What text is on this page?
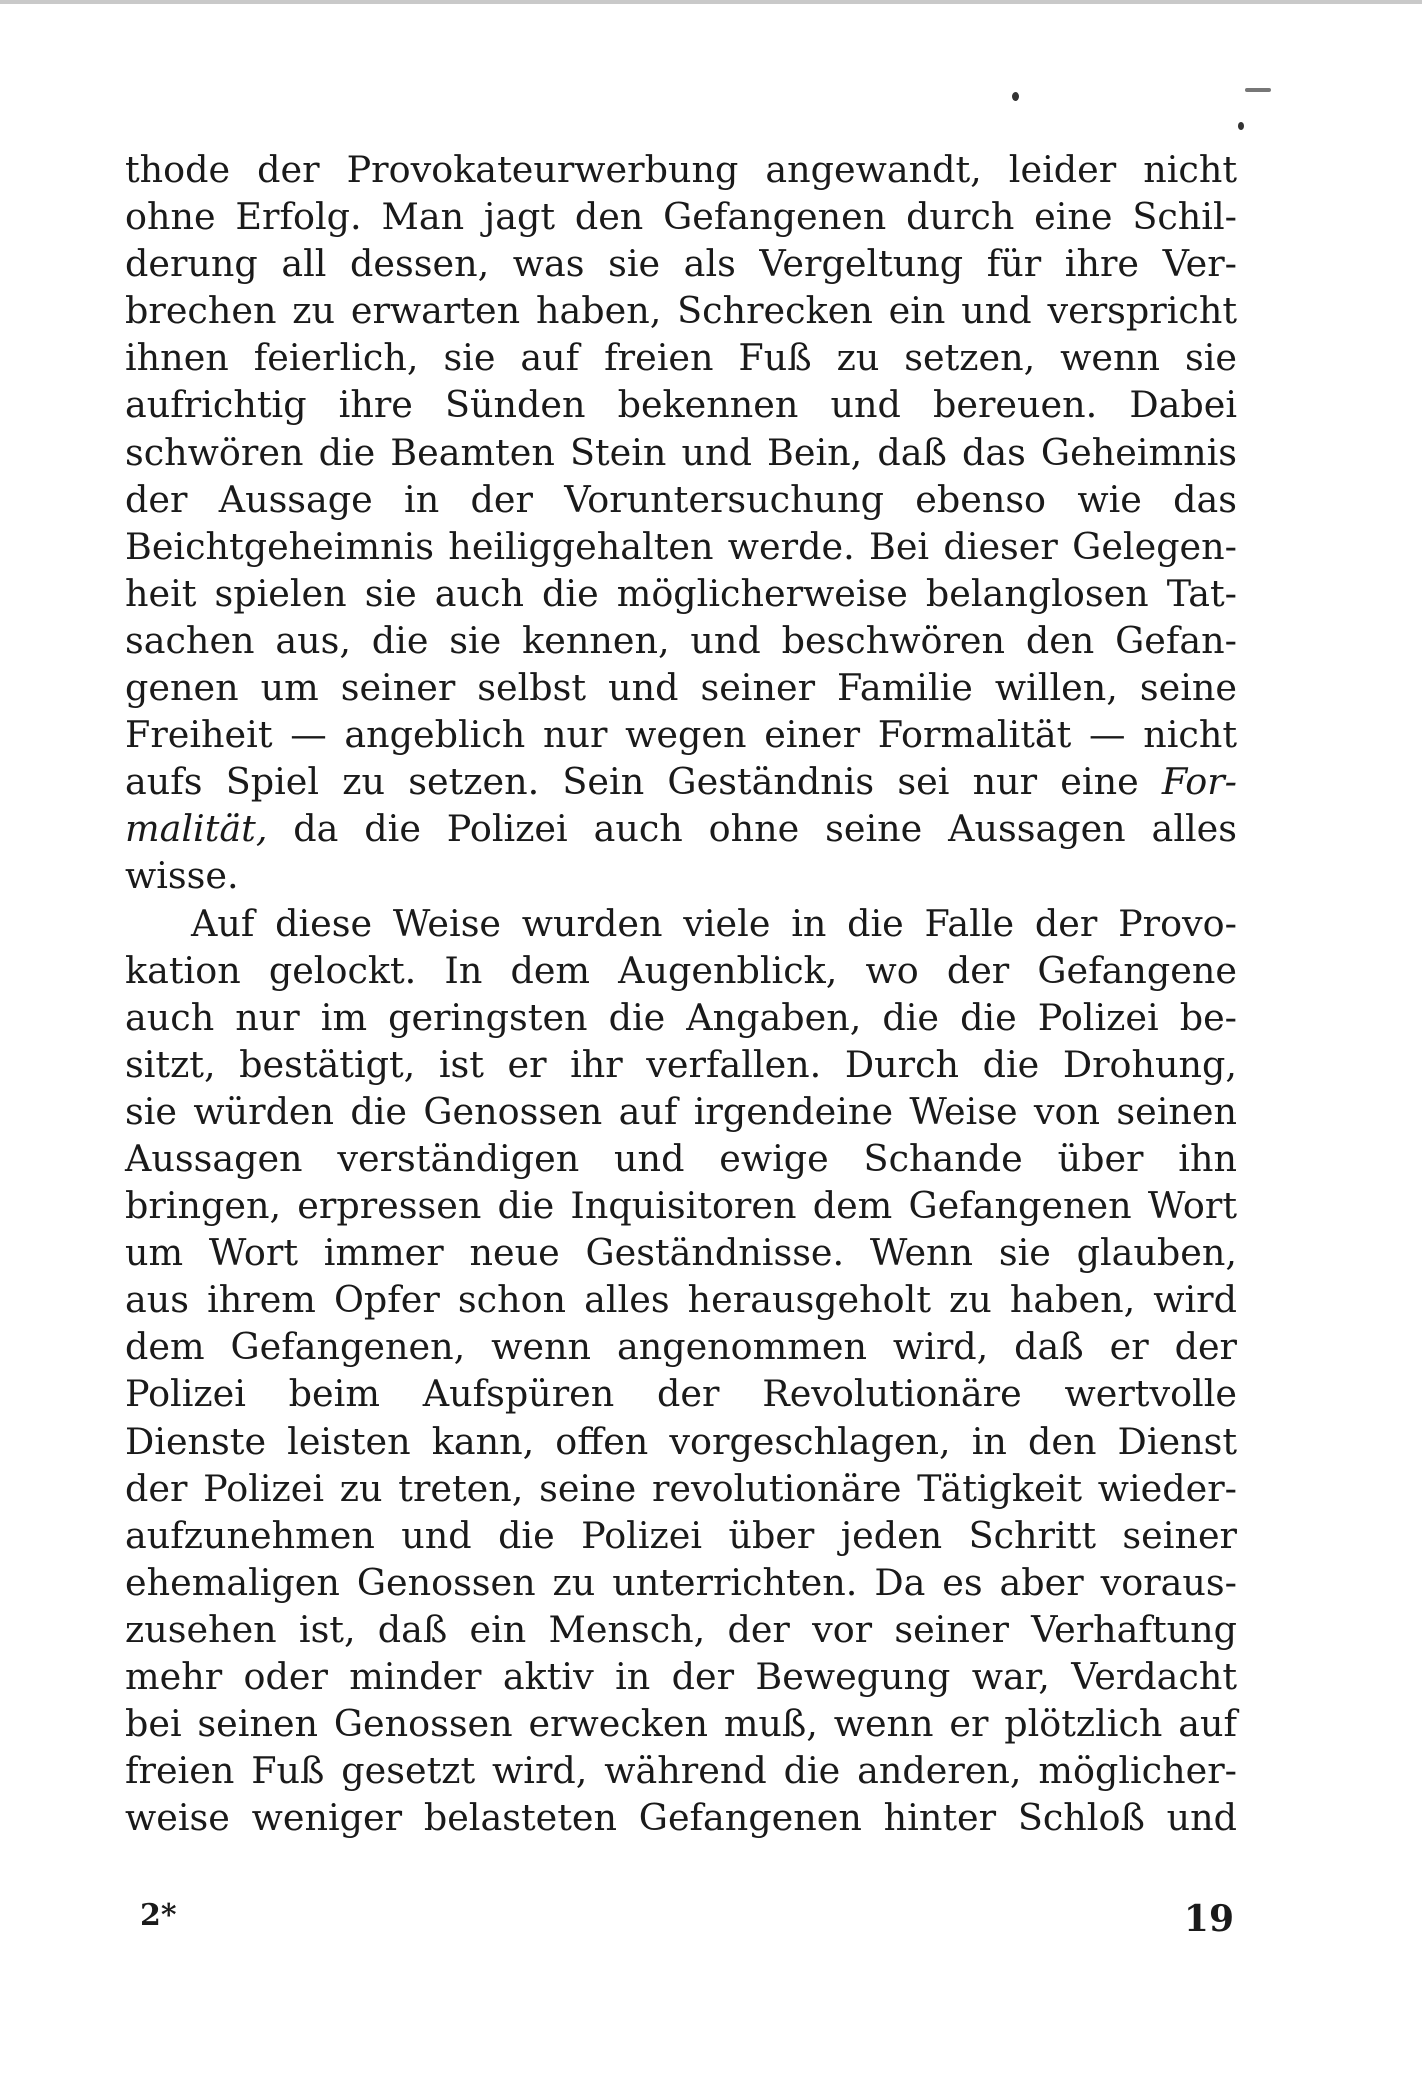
thode der Provokateurwerbung angewandt, leider nicht
ohne Erfolg. Man jagt den Gefangenen durch eine Schil-
derung all dessen, was sie als Vergeltung für ihre Ver-
brechen zu erwarten haben, Schrecken ein und verspricht
ihnen feierlich, sie auf freien Fuß zu setzen, wenn sie
aufrichtig ihre Sünden bekennen und bereuen. Dabei
schwören die Beamten Stein und Bein, daß das Geheimnis
der Aussage in der Voruntersuchung ebenso wie das
Beichtgeheimnis heiliggehalten werde. Bei dieser Gelegen-
heit spielen sie auch die möglicherweise belanglosen Tat-
sachen aus, die sie kennen, und beschwören den Gefan-
genen um seiner selbst und seiner Familie willen, seine
Freiheit — angeblich nur wegen einer Formalität — nicht
aufs Spiel zu setzen. Sein Geständnis sei nur eine For-
malität, da die Polizei auch ohne seine Aussagen alles
wisse.
Auf diese Weise wurden viele in die Falle der Provo-
kation gelockt. In dem Augenblick, wo der Gefangene
auch nur im geringsten die Angaben, die die Polizei be-
sitzt, bestätigt, ist er ihr verfallen. Durch die Drohung,
sie würden die Genossen auf irgendeine Weise von seinen
Aussagen verständigen und ewige Schande über ihn
bringen, erpressen die Inquisitoren dem Gefangenen Wort
um Wort immer neue Geständnisse. Wenn sie glauben,
aus ihrem Opfer schon alles herausgeholt zu haben, wird
dem Gefangenen, wenn angenommen wird, daß er der
Polizei beim Aufspüren der Revolutionäre wertvolle
Dienste leisten kann, offen vorgeschlagen, in den Dienst
der Polizei zu treten, seine revolutionäre Tätigkeit wieder-
aufzunehmen und die Polizei über jeden Schritt seiner
ehemaligen Genossen zu unterrichten. Da es aber voraus-
zusehen ist, daß ein Mensch, der vor seiner Verhaftung
mehr oder minder aktiv in der Bewegung war, Verdacht
bei seinen Genossen erwecken muß, wenn er plötzlich auf
freien Fuß gesetzt wird, während die anderen, möglicher-
weise weniger belasteten Gefangenen hinter Schloß und
2*	19
